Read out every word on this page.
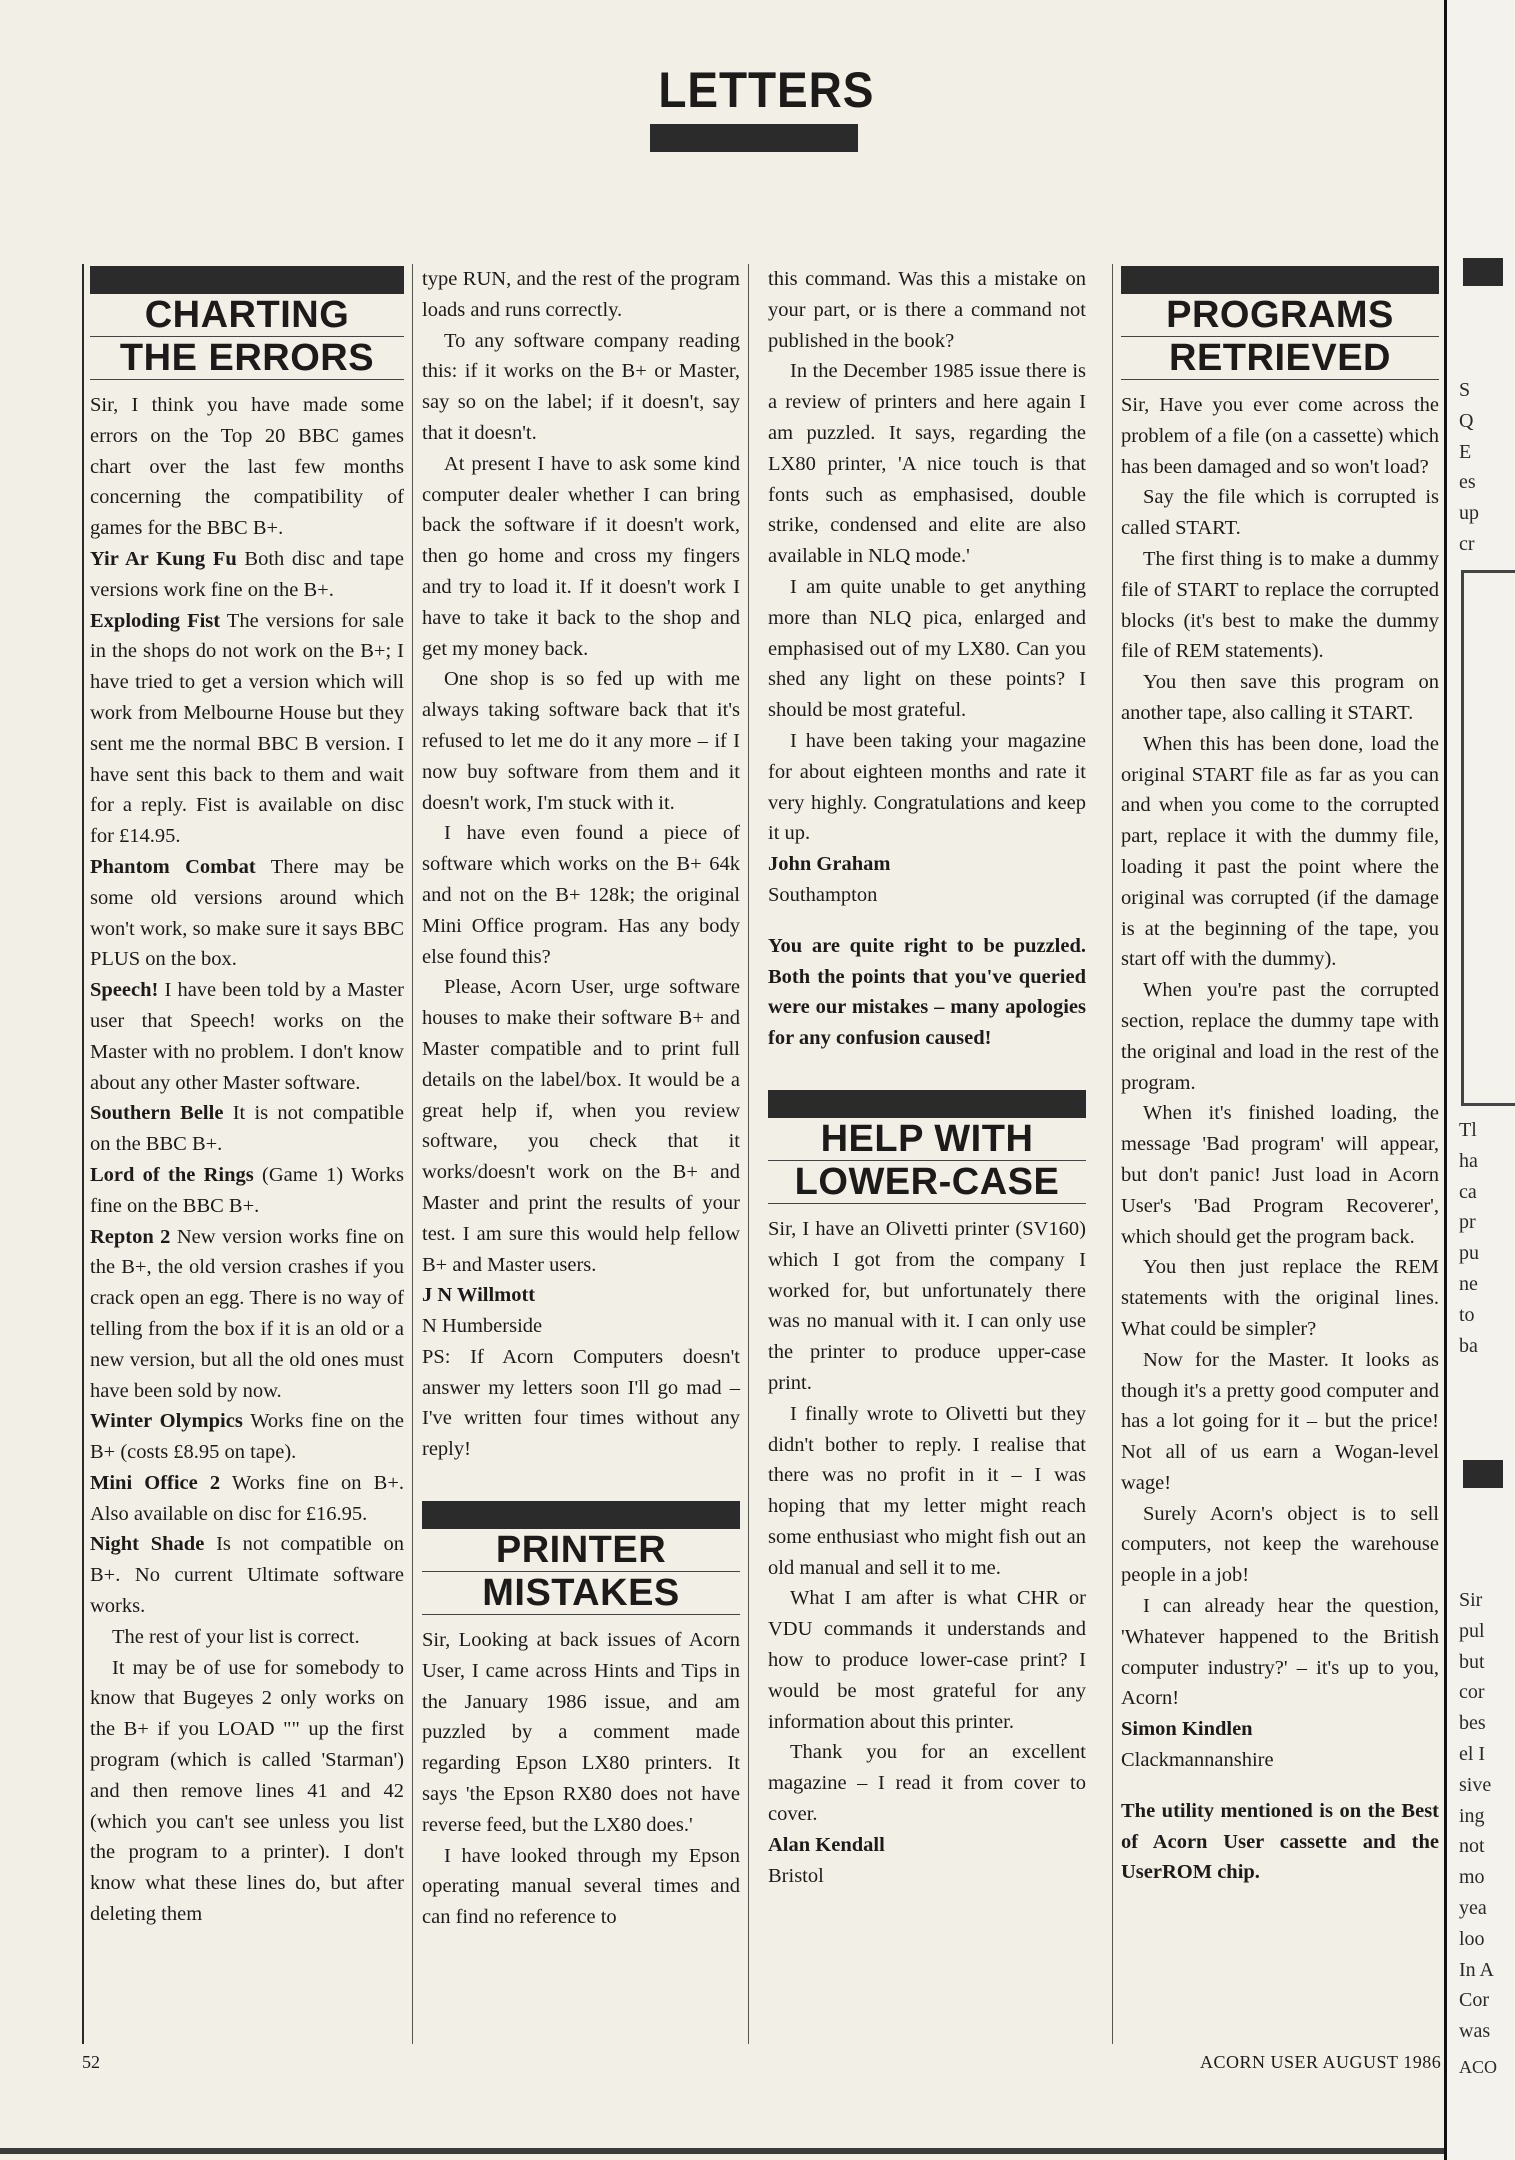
LETTERS
CHARTING
THE ERRORS

Sir, I think you have made some errors on the Top 20 BBC games chart over the last few months concerning the compatibility of games for the BBC B+.

Yir Ar Kung Fu Both disc and tape versions work fine on the B+.

Exploding Fist The versions for sale in the shops do not work on the B+; I have tried to get a version which will work from Melbourne House but they sent me the normal BBC B version. I have sent this back to them and wait for a reply. Fist is available on disc for £14.95.

Phantom Combat There may be some old versions around which won't work, so make sure it says BBC PLUS on the box.

Speech! I have been told by a Master user that Speech! works on the Master with no problem. I don't know about any other Master software.

Southern Belle It is not compatible on the BBC B+.

Lord of the Rings (Game 1) Works fine on the BBC B+.

Repton 2 New version works fine on the B+, the old version crashes if you crack open an egg. There is no way of telling from the box if it is an old or a new version, but all the old ones must have been sold by now.

Winter Olympics Works fine on the B+ (costs £8.95 on tape).

Mini Office 2 Works fine on B+. Also available on disc for £16.95.

Night Shade Is not compatible on B+. No current Ultimate software works.

The rest of your list is correct.

It may be of use for somebody to know that Bugeyes 2 only works on the B+ if you LOAD "" up the first program (which is called 'Starman') and then remove lines 41 and 42 (which you can't see unless you list the program to a printer). I don't know what these lines do, but after deleting them

type RUN, and the rest of the program loads and runs correctly.

To any software company reading this: if it works on the B+ or Master, say so on the label; if it doesn't, say that it doesn't.

At present I have to ask some kind computer dealer whether I can bring back the software if it doesn't work, then go home and cross my fingers and try to load it. If it doesn't work I have to take it back to the shop and get my money back.

One shop is so fed up with me always taking software back that it's refused to let me do it any more – if I now buy software from them and it doesn't work, I'm stuck with it.

I have even found a piece of software which works on the B+ 64k and not on the B+ 128k; the original Mini Office program. Has any body else found this?

Please, Acorn User, urge software houses to make their software B+ and Master compatible and to print full details on the label/box. It would be a great help if, when you review software, you check that it works/doesn't work on the B+ and Master and print the results of your test. I am sure this would help fellow B+ and Master users.

J N Willmott

N Humberside

PS: If Acorn Computers doesn't answer my letters soon I'll go mad – I've written four times without any reply!

PRINTER
MISTAKES

Sir, Looking at back issues of Acorn User, I came across Hints and Tips in the January 1986 issue, and am puzzled by a comment made regarding Epson LX80 printers. It says 'the Epson RX80 does not have reverse feed, but the LX80 does.'

I have looked through my Epson operating manual several times and can find no reference to

this command. Was this a mistake on your part, or is there a command not published in the book?

In the December 1985 issue there is a review of printers and here again I am puzzled. It says, regarding the LX80 printer, 'A nice touch is that fonts such as emphasised, double strike, condensed and elite are also available in NLQ mode.'

I am quite unable to get anything more than NLQ pica, enlarged and emphasised out of my LX80. Can you shed any light on these points? I should be most grateful.

I have been taking your magazine for about eighteen months and rate it very highly. Congratulations and keep it up.

John Graham

Southampton

You are quite right to be puzzled. Both the points that you've queried were our mistakes – many apologies for any confusion caused!

HELP WITH
LOWER-CASE

Sir, I have an Olivetti printer (SV160) which I got from the company I worked for, but unfortunately there was no manual with it. I can only use the printer to produce upper-case print.

I finally wrote to Olivetti but they didn't bother to reply. I realise that there was no profit in it – I was hoping that my letter might reach some enthusiast who might fish out an old manual and sell it to me.

What I am after is what CHR or VDU commands it understands and how to produce lower-case print? I would be most grateful for any information about this printer.

Thank you for an excellent magazine – I read it from cover to cover.

Alan Kendall

Bristol

PROGRAMS
RETRIEVED

Sir, Have you ever come across the problem of a file (on a cassette) which has been damaged and so won't load?

Say the file which is corrupted is called START.

The first thing is to make a dummy file of START to replace the corrupted blocks (it's best to make the dummy file of REM statements).

You then save this program on another tape, also calling it START.

When this has been done, load the original START file as far as you can and when you come to the corrupted part, replace it with the dummy file, loading it past the point where the original was corrupted (if the damage is at the beginning of the tape, you start off with the dummy).

When you're past the corrupted section, replace the dummy tape with the original and load in the rest of the program.

When it's finished loading, the message 'Bad program' will appear, but don't panic! Just load in Acorn User's 'Bad Program Recoverer', which should get the program back.

You then just replace the REM statements with the original lines. What could be simpler?

Now for the Master. It looks as though it's a pretty good computer and has a lot going for it – but the price! Not all of us earn a Wogan-level wage!

Surely Acorn's object is to sell computers, not keep the warehouse people in a job!

I can already hear the question, 'Whatever happened to the British computer industry?' – it's up to you, Acorn!

Simon Kindlen

Clackmannanshire

The utility mentioned is on the Best of Acorn User cassette and the UserROM chip.

52	ACORN USER AUGUST 1986
S
Q
E
es
up
cr
Tl
ha
ca
pr
pu
ne
to
ba
Sir
pul
but
cor
bes
el I
sive
ing
not
mo
yea
loo
In A
Cor
was
ACO
